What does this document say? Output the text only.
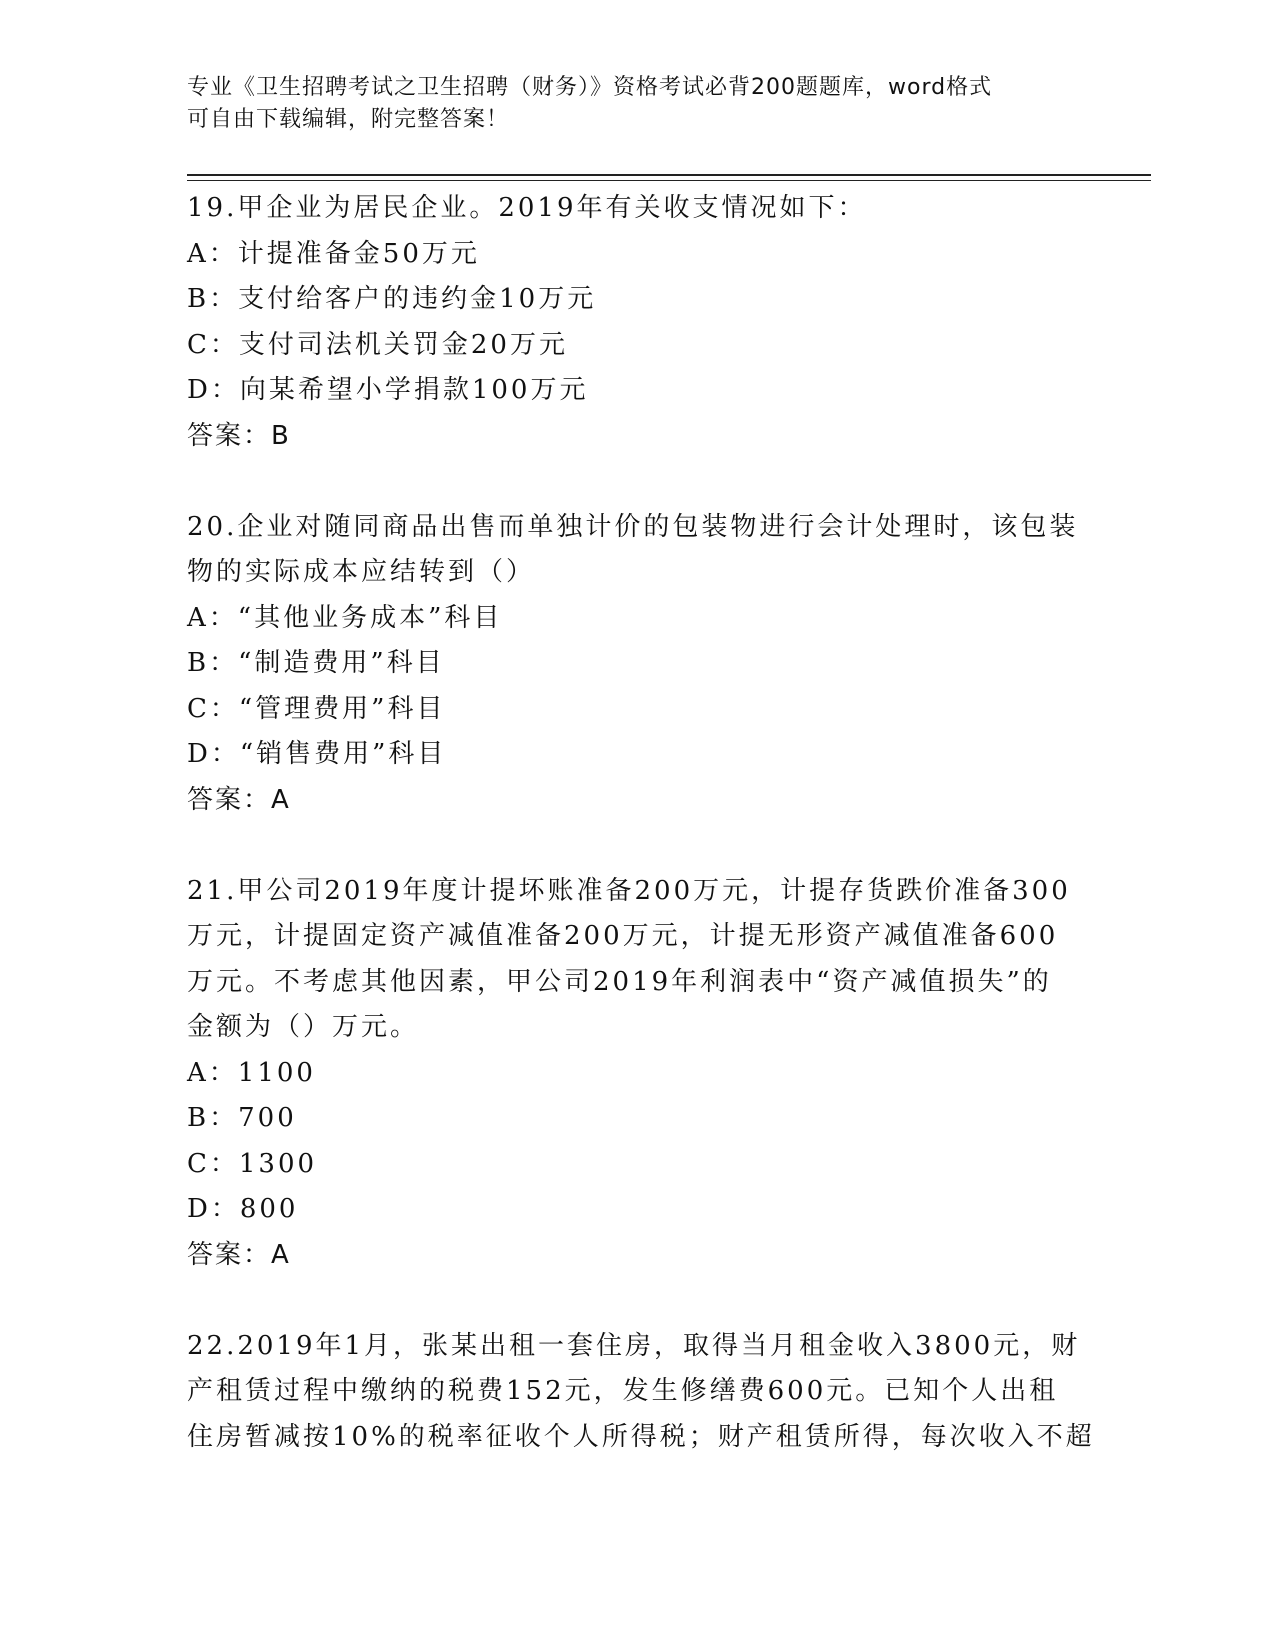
专业《卫生招聘考试之卫生招聘（财务）》资格考试必背200题题库，word格式
可自由下载编辑，附完整答案！
19.甲企业为居民企业。2019年有关收支情况如下：
A：计提准备金50万元
B：支付给客户的违约金10万元
C：支付司法机关罚金20万元
D：向某希望小学捐款100万元
答案：B
20.企业对随同商品出售而单独计价的包装物进行会计处理时，该包装
物的实际成本应结转到（）
A：“其他业务成本”科目
B：“制造费用”科目
C：“管理费用”科目
D：“销售费用”科目
答案：A
21.甲公司2019年度计提坏账准备200万元，计提存货跌价准备300
万元，计提固定资产减值准备200万元，计提无形资产减值准备600
万元。不考虑其他因素，甲公司2019年利润表中“资产减值损失”的
金额为（）万元。
A：1100
B：700
C：1300
D：800
答案：A
22.2019年1月，张某出租一套住房，取得当月租金收入3800元，财
产租赁过程中缴纳的税费152元，发生修缮费600元。已知个人出租
住房暂减按10%的税率征收个人所得税；财产租赁所得，每次收入不超
